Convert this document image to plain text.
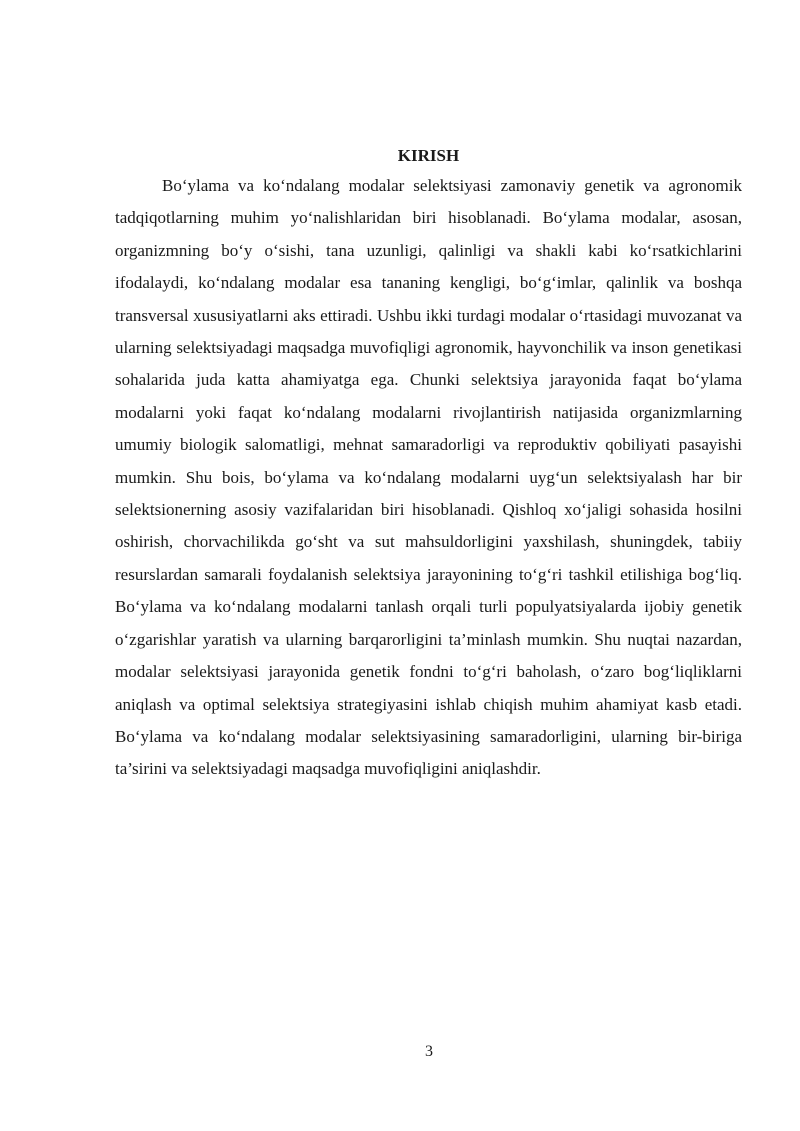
KIRISH

Bo‘ylama va ko‘ndalang modalar selektsiyasi zamonaviy genetik va agronomik tadqiqotlarning muhim yo‘nalishlaridan biri hisoblanadi. Bo‘ylama modalar, asosan, organizmning bo‘y o‘sishi, tana uzunligi, qalinligi va shakli kabi ko‘rsatkichlarini ifodalaydi, ko‘ndalang modalar esa tananing kengligi, bo‘g‘imlar, qalinlik va boshqa transversal xususiyatlarni aks ettiradi. Ushbu ikki turdagi modalar o‘rtasidagi muvozanat va ularning selektsiyadagi maqsadga muvofiqligi agronomik, hayvonchilik va inson genetikasi sohalarida juda katta ahamiyatga ega. Chunki selektsiya jarayonida faqat bo‘ylama modalarni yoki faqat ko‘ndalang modalarni rivojlantirish natijasida organizmlarning umumiy biologik salomatligi, mehnat samaradorligi va reproduktiv qobiliyati pasayishi mumkin. Shu bois, bo‘ylama va ko‘ndalang modalarni uyg‘un selektsiyalash har bir selektsionerning asosiy vazifalaridan biri hisoblanadi. Qishloq xo‘jaligi sohasida hosilni oshirish, chorvachilikda go‘sht va sut mahsuldorligini yaxshilash, shuningdek, tabiiy resurslardan samarali foydalanish selektsiya jarayonining to‘g‘ri tashkil etilishiga bog‘liq. Bo‘ylama va ko‘ndalang modalarni tanlash orqali turli populyatsiyalarda ijobiy genetik o‘zgarishlar yaratish va ularning barqarorligini ta’minlash mumkin. Shu nuqtai nazardan, modalar selektsiyasi jarayonida genetik fondni to‘g‘ri baholash, o‘zaro bog‘liqliklarni aniqlash va optimal selektsiya strategiyasini ishlab chiqish muhim ahamiyat kasb etadi. Bo‘ylama va ko‘ndalang modalar selektsiyasining samaradorligini, ularning bir-biriga ta’sirini va selektsiyadagi maqsadga muvofiqligini aniqlashdir.

3
